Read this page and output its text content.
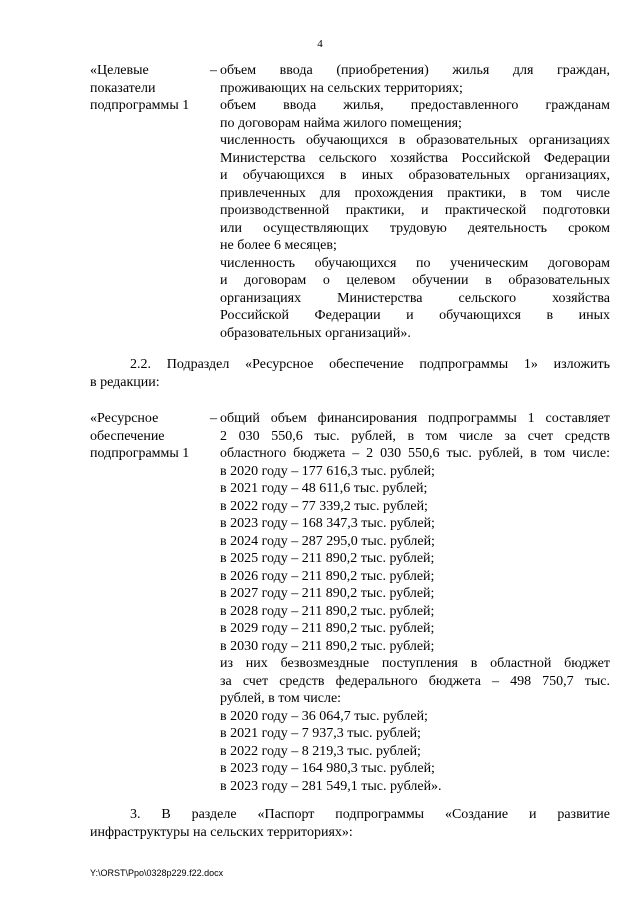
4
«Целевые
показатели
подпрограммы 1
– объем ввода (приобретения) жилья для граждан,

проживающих на сельских территориях;

объем ввода жилья, предоставленного гражданам

по договорам найма жилого помещения;

численность обучающихся в образовательных организациях

Министерства сельского хозяйства Российской Федерации

и обучающихся в иных образовательных организациях,

привлеченных для прохождения практики, в том числе

производственной практики, и практической подготовки

или осуществляющих трудовую деятельность сроком

не более 6 месяцев;

численность обучающихся по ученическим договорам

и договорам о целевом обучении в образовательных

организациях Министерства сельского хозяйства

Российской Федерации и обучающихся в иных

образовательных организаций».

2.2. Подраздел «Ресурсное обеспечение подпрограммы 1» изложить
в редакции:
«Ресурсное
обеспечение
подпрограммы 1
– общий объем финансирования подпрограммы 1 составляет

2 030 550,6 тыс. рублей, в том числе за счет средств

областного бюджета – 2 030 550,6 тыс. рублей, в том числе:

в 2020 году – 177 616,3 тыс. рублей;

в 2021 году – 48 611,6 тыс. рублей;

в 2022 году – 77 339,2 тыс. рублей;

в 2023 году – 168 347,3 тыс. рублей;

в 2024 году – 287 295,0 тыс. рублей;

в 2025 году – 211 890,2 тыс. рублей;

в 2026 году – 211 890,2 тыс. рублей;

в 2027 году – 211 890,2 тыс. рублей;

в 2028 году – 211 890,2 тыс. рублей;

в 2029 году – 211 890,2 тыс. рублей;

в 2030 году – 211 890,2 тыс. рублей;

из них безвозмездные поступления в областной бюджет

за счет средств федерального бюджета – 498 750,7 тыс.

рублей, в том числе:

в 2020 году – 36 064,7 тыс. рублей;

в 2021 году – 7 937,3 тыс. рублей;

в 2022 году – 8 219,3 тыс. рублей;

в 2023 году – 164 980,3 тыс. рублей;

в 2023 году – 281 549,1 тыс. рублей».

3. В разделе «Паспорт подпрограммы «Создание и развитие
инфраструктуры на сельских территориях»:
Y:\ORST\Ppo\0328p229.f22.docx
